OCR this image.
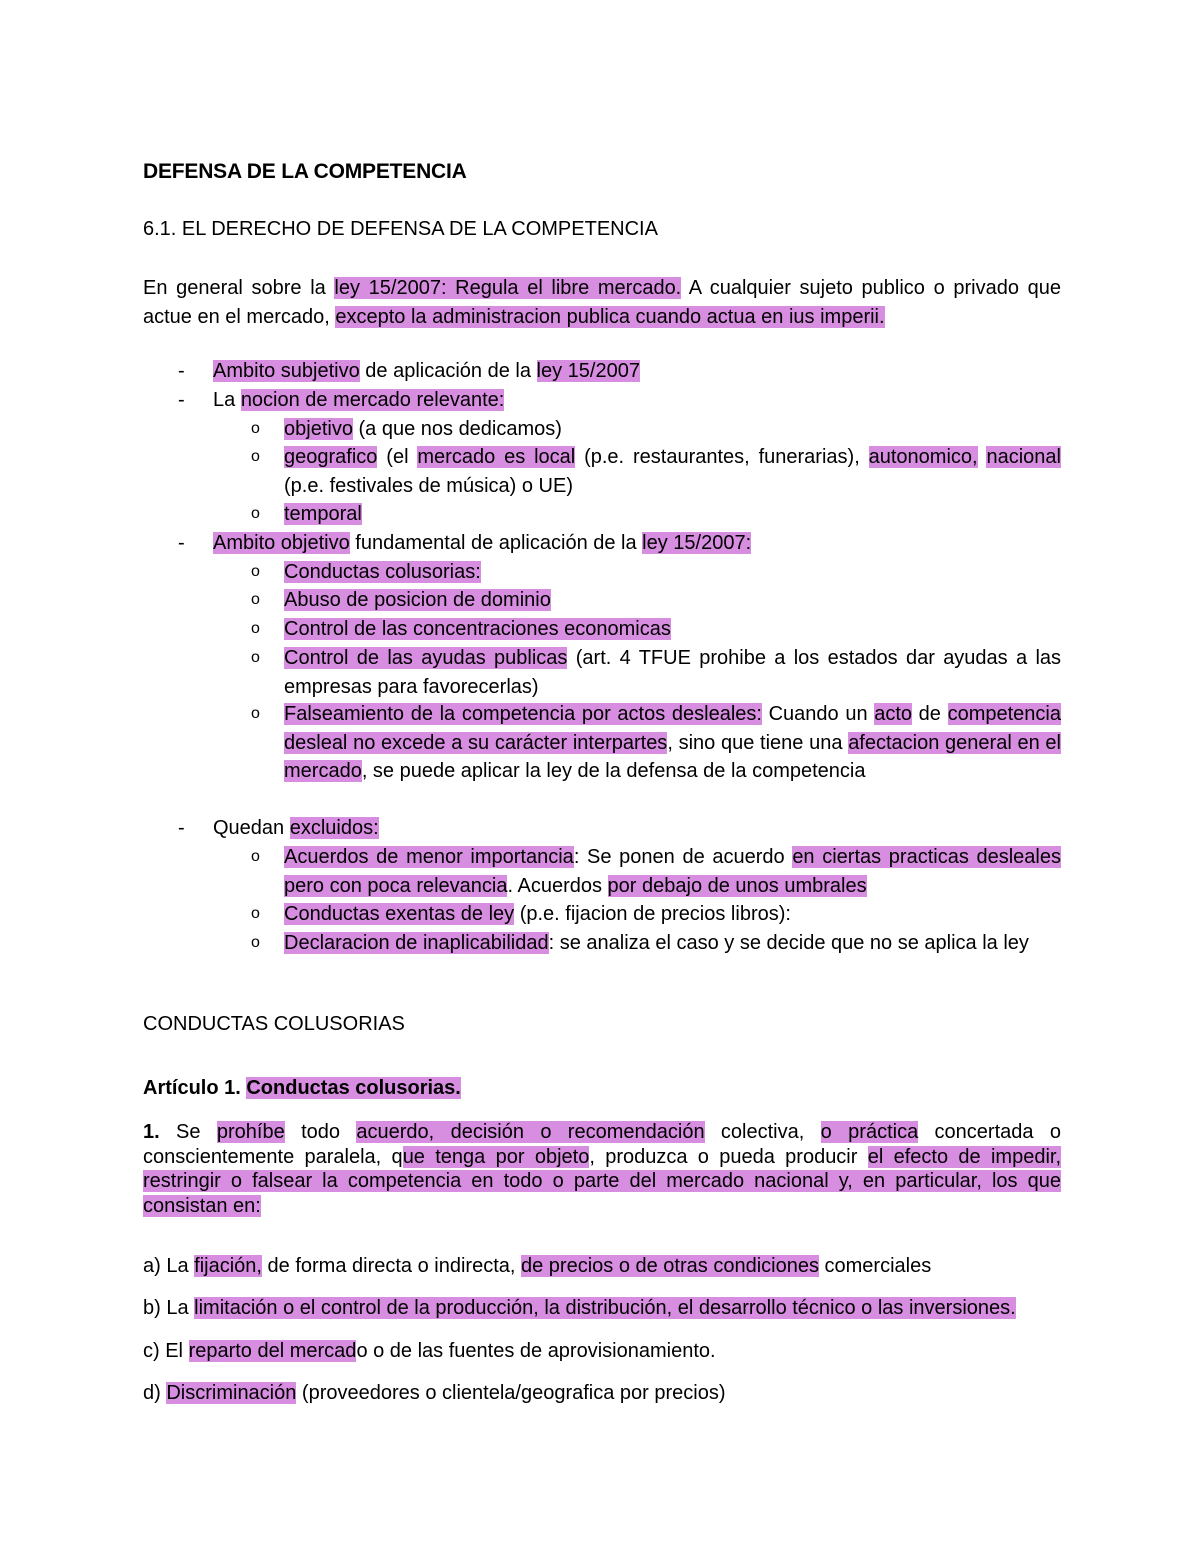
DEFENSA DE LA COMPETENCIA
6.1. EL DERECHO DE DEFENSA DE LA COMPETENCIA
En general sobre la ley 15/2007: Regula el libre mercado. A cualquier sujeto publico o privado que actue en el mercado, excepto la administracion publica cuando actua en ius imperii.
- Ambito subjetivo de aplicación de la ley 15/2007
- La nocion de mercado relevante:
o objetivo (a que nos dedicamos)
o geografico (el mercado es local (p.e. restaurantes, funerarias), autonomico, nacional (p.e. festivales de música) o UE)
o temporal
- Ambito objetivo fundamental de aplicación de la ley 15/2007:
o Conductas colusorias:
o Abuso de posicion de dominio
o Control de las concentraciones economicas
o Control de las ayudas publicas (art. 4 TFUE prohibe a los estados dar ayudas a las empresas para favorecerlas)
o Falseamiento de la competencia por actos desleales: Cuando un acto de competencia desleal no excede a su carácter interpartes, sino que tiene una afectacion general en el mercado, se puede aplicar la ley de la defensa de la competencia
- Quedan excluidos:
o Acuerdos de menor importancia: Se ponen de acuerdo en ciertas practicas desleales pero con poca relevancia. Acuerdos por debajo de unos umbrales
o Conductas exentas de ley (p.e. fijacion de precios libros):
o Declaracion de inaplicabilidad: se analiza el caso y se decide que no se aplica la ley
CONDUCTAS COLUSORIAS
Artículo 1. Conductas colusorias.
1. Se prohíbe todo acuerdo, decisión o recomendación colectiva, o práctica concertada o conscientemente paralela, que tenga por objeto, produzca o pueda producir el efecto de impedir, restringir o falsear la competencia en todo o parte del mercado nacional y, en particular, los que consistan en:
a) La fijación, de forma directa o indirecta, de precios o de otras condiciones comerciales
b) La limitación o el control de la producción, la distribución, el desarrollo técnico o las inversiones.
c) El reparto del mercado o de las fuentes de aprovisionamiento.
d) Discriminación (proveedores o clientela/geografica por precios)
